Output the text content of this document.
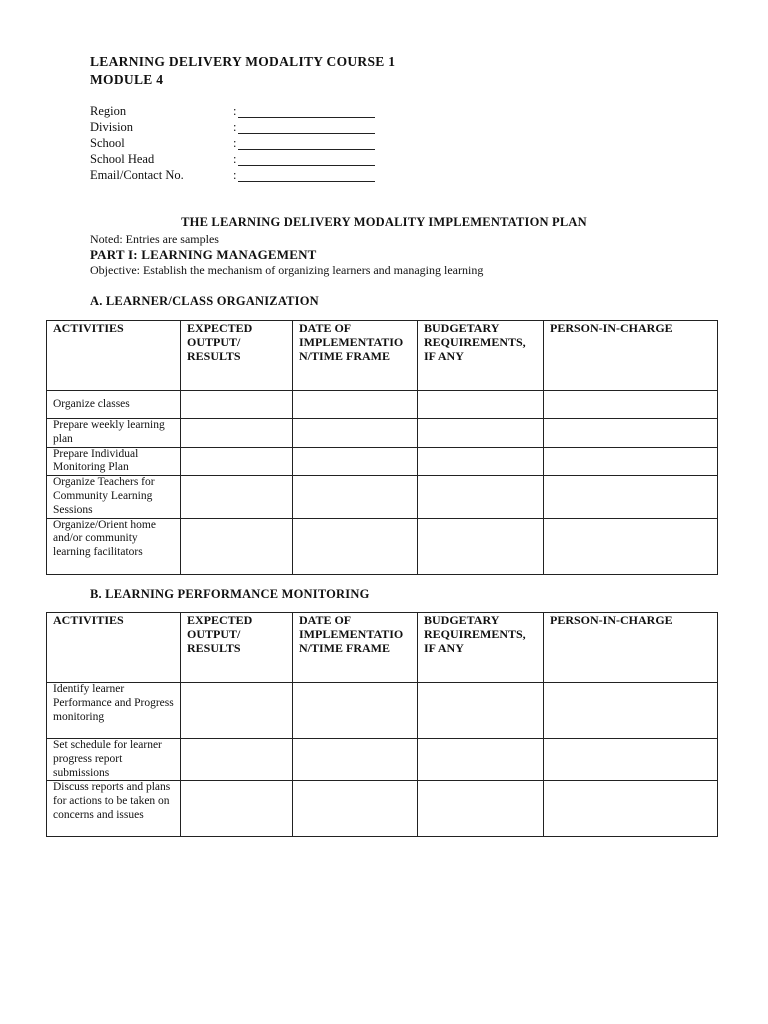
LEARNING DELIVERY MODALITY COURSE 1
MODULE 4
Region	:
Division	:
School	:
School Head	:
Email/Contact No.	:
THE LEARNING DELIVERY MODALITY IMPLEMENTATION PLAN
Noted: Entries are samples
PART I: LEARNING MANAGEMENT
Objective: Establish the mechanism of organizing learners and managing learning
A. LEARNER/CLASS ORGANIZATION
ACTIVITIES	EXPECTED OUTPUT/ RESULTS	DATE OF IMPLEMENTATIO N/TIME FRAME	BUDGETARY REQUIREMENTS, IF ANY	PERSON-IN-CHARGE
Organize classes				
Prepare weekly learning plan				
Prepare Individual Monitoring Plan				
Organize Teachers for Community Learning Sessions				
Organize/Orient home and/or community learning facilitators				
B. LEARNING PERFORMANCE MONITORING
ACTIVITIES	EXPECTED OUTPUT/ RESULTS	DATE OF IMPLEMENTATIO N/TIME FRAME	BUDGETARY REQUIREMENTS, IF ANY	PERSON-IN-CHARGE
Identify learner Performance and Progress monitoring				
Set schedule for learner progress report submissions				
Discuss reports and plans for actions to be taken on concerns and issues				
